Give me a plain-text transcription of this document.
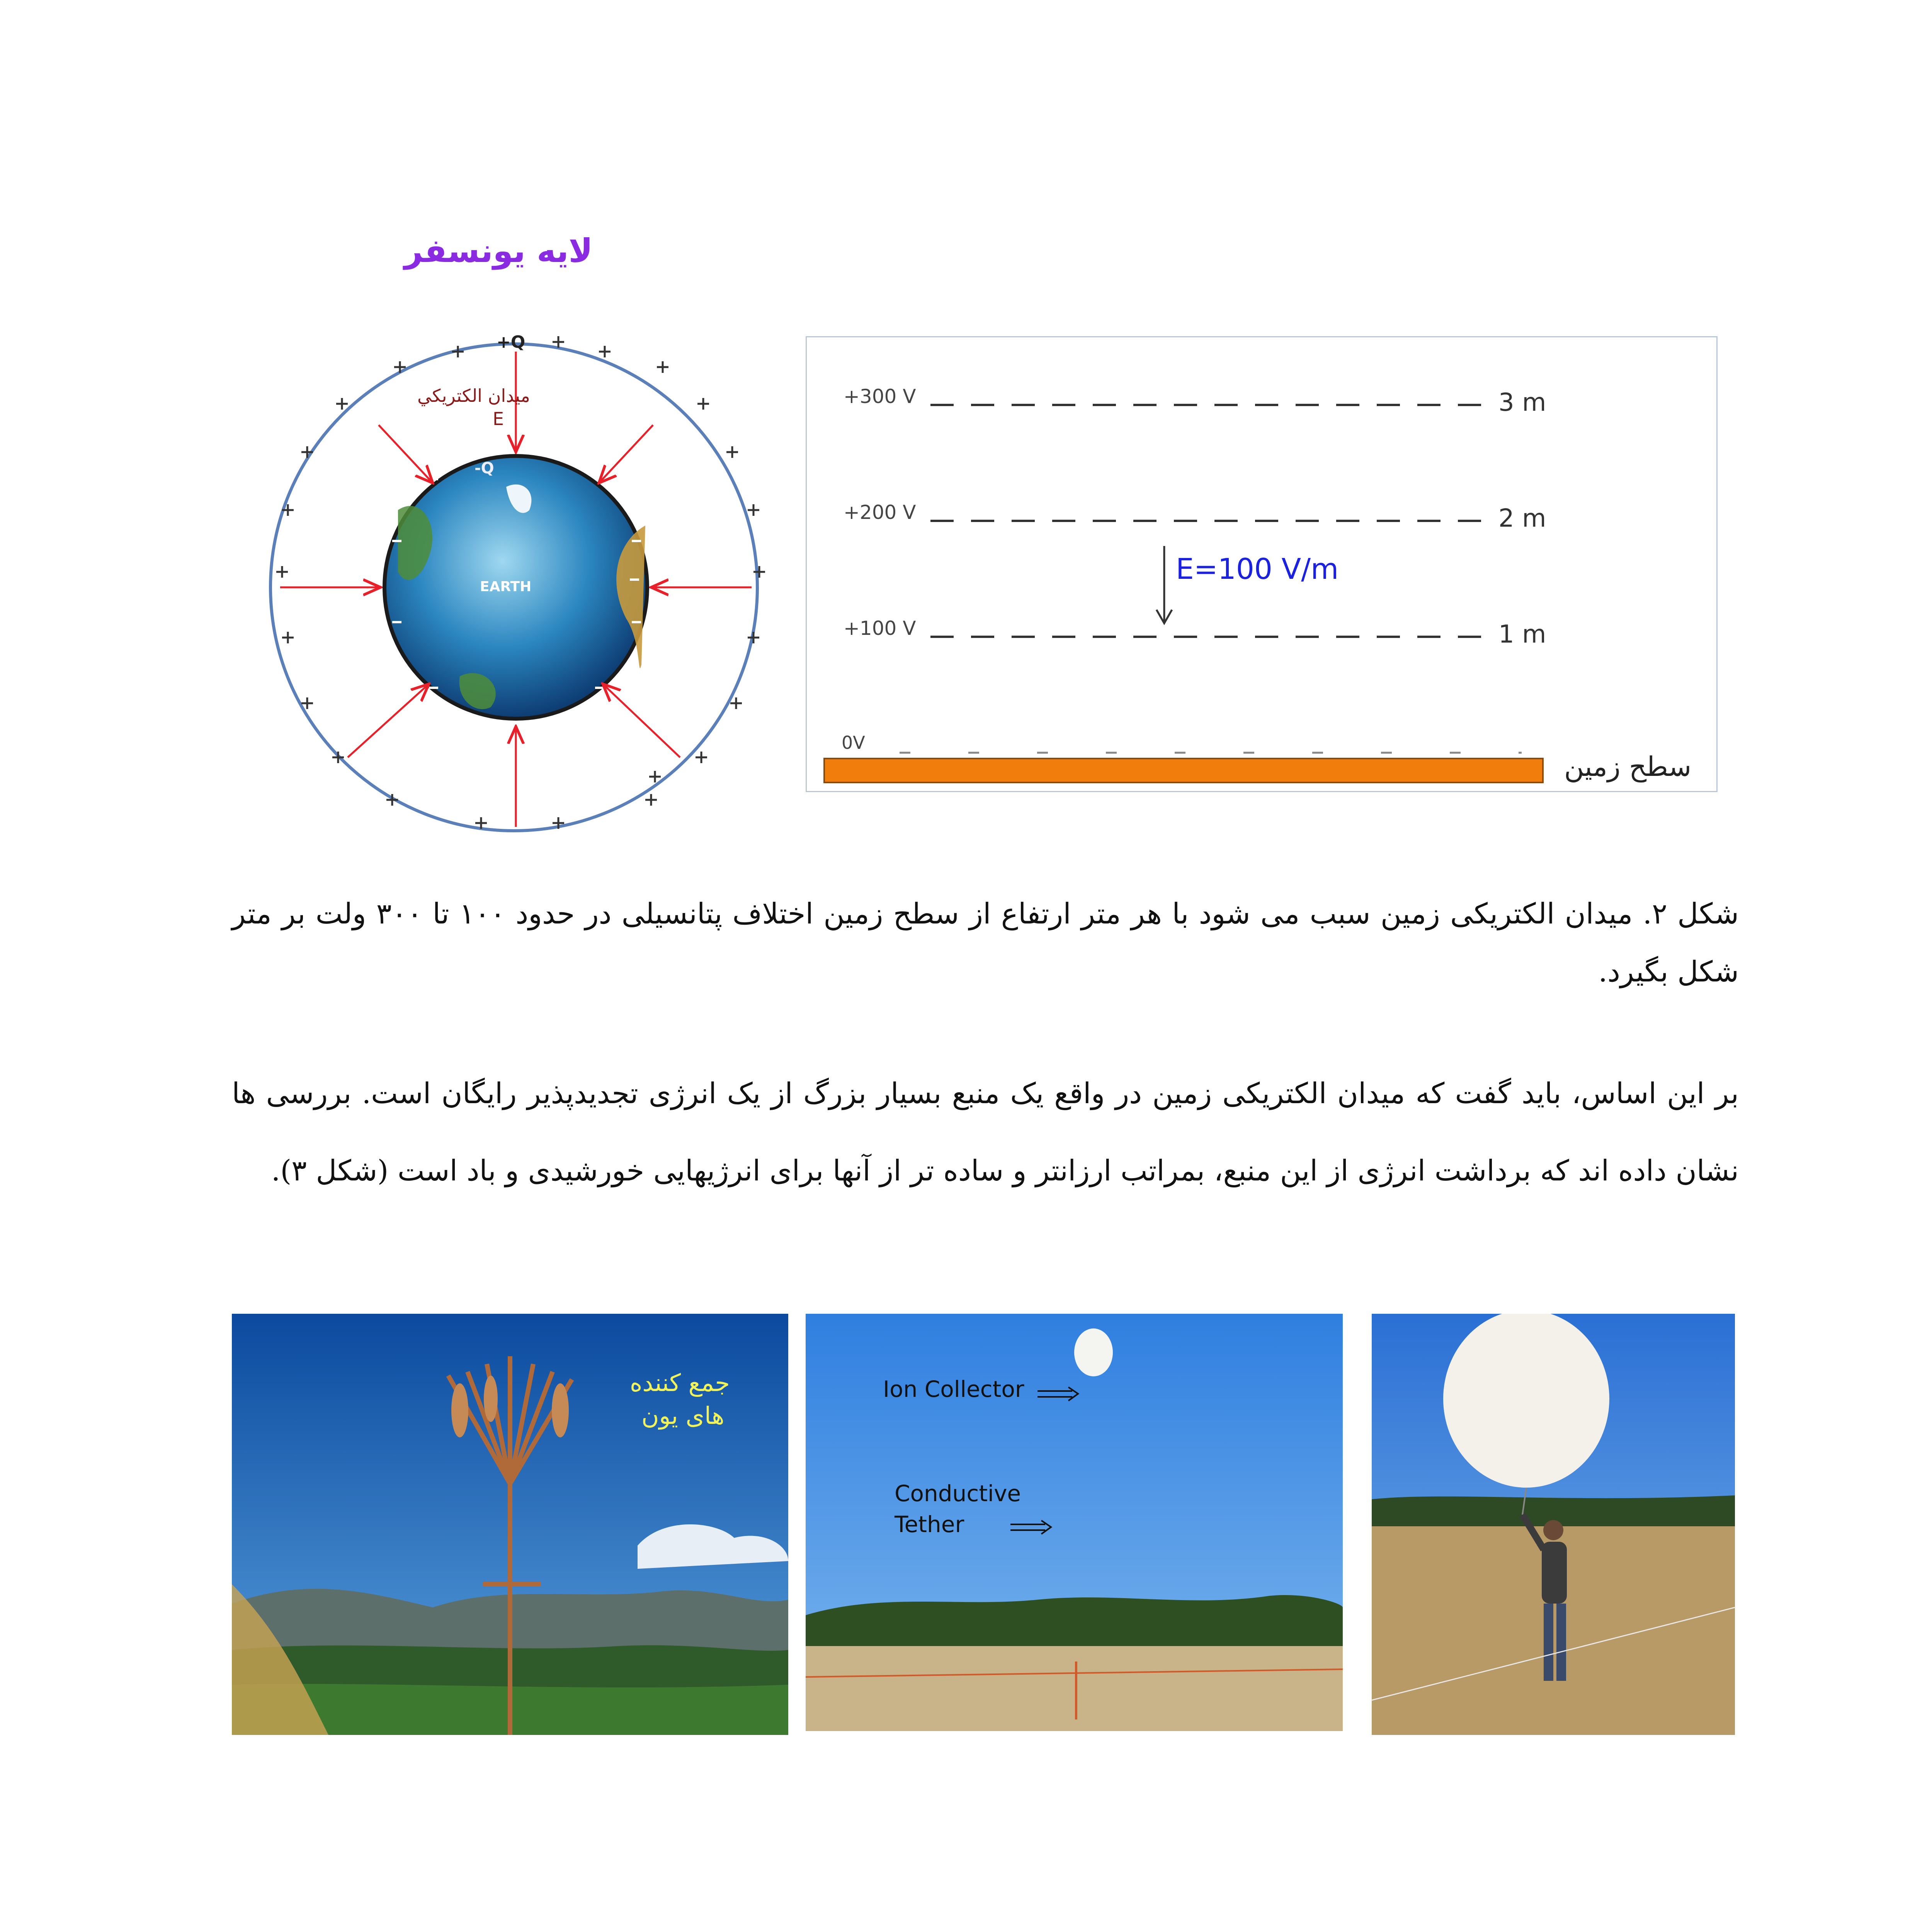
لایه یونسفر
+Q
-Q
EARTH
میدان الکتریکي
E
+300 V	3 m
+200 V	2 m
+100 V	1 m
E=100 V/m
0V
سطح زمین
شکل ۲. میدان الکتریکی زمین سبب می شود با هر متر ارتفاع از سطح زمین اختلاف پتانسیلی در حدود ۱۰۰ تا ۳۰۰ ولت بر متر شکل بگیرد.
بر این اساس، باید گفت که میدان الکتریکی زمین در واقع یک منبع بسیار بزرگ از یک انرژی تجدیدپذیر رایگان است. بررسی ها نشان داده اند که برداشت انرژی از این منبع، بمراتب ارزانتر و ساده تر از آنها برای انرژیهایی خورشیدی و باد است (شکل ۳).
جمع کننده
های یون
Ion Collector
Conductive
Tether
